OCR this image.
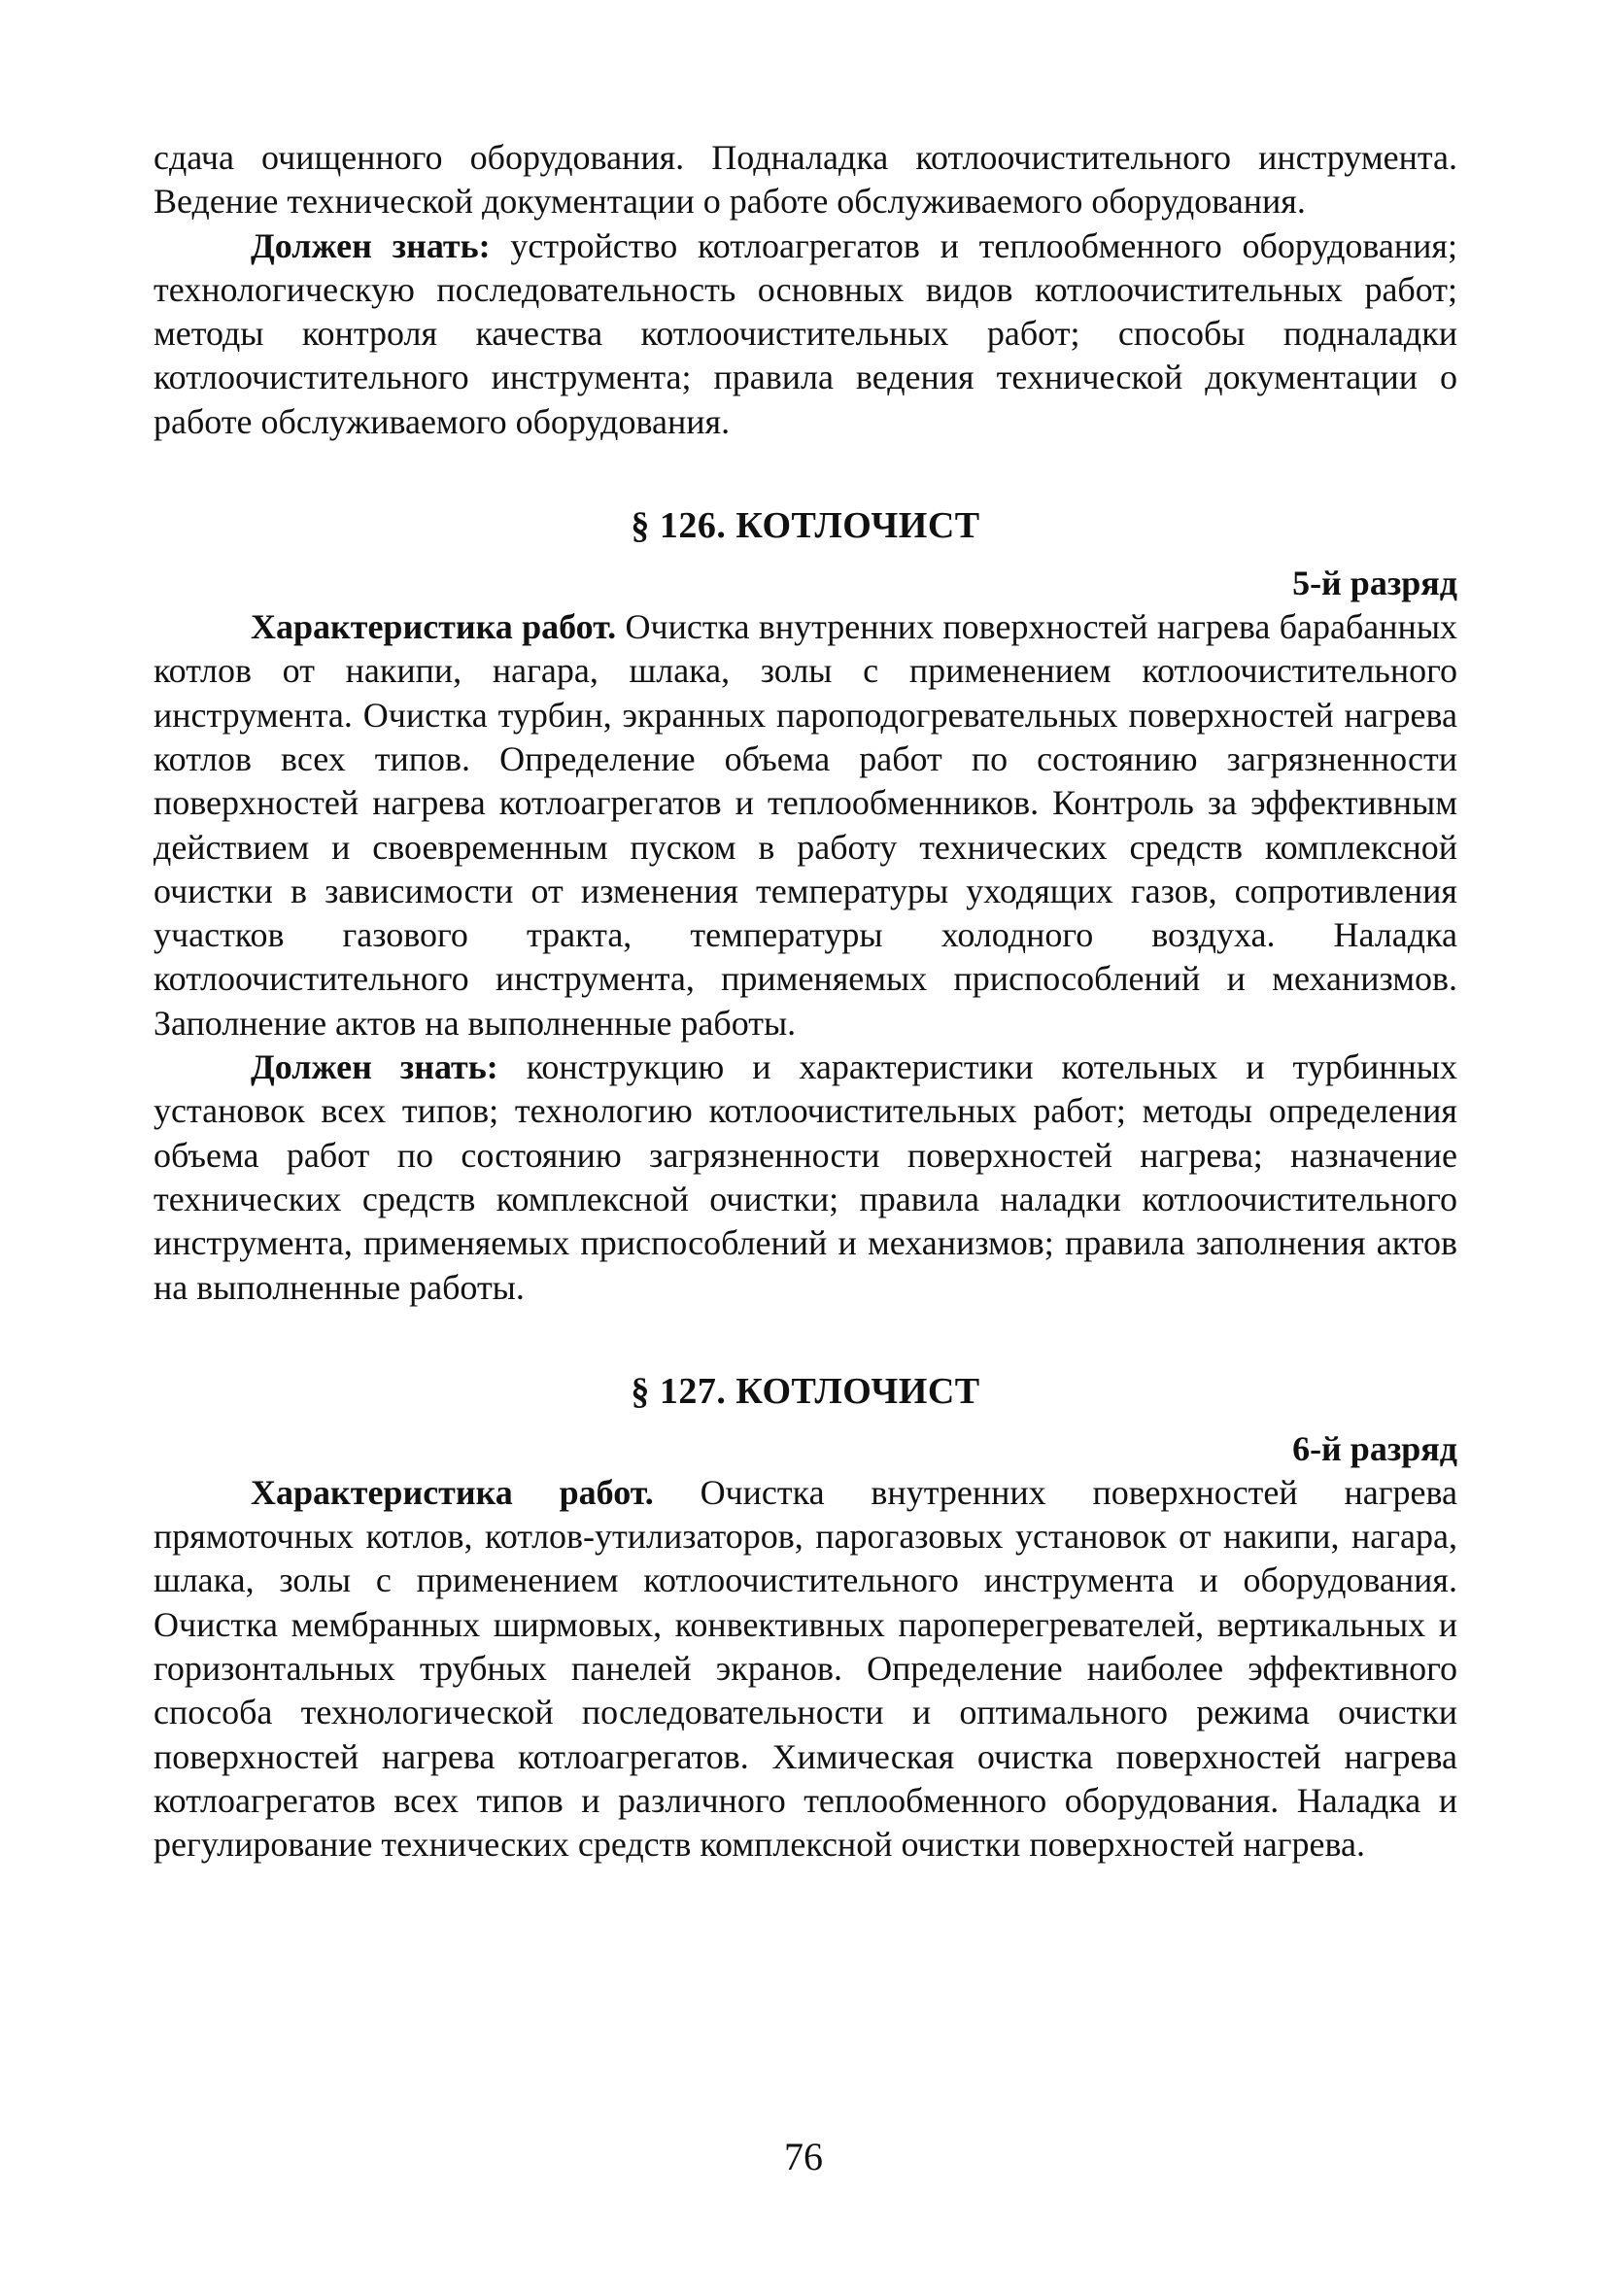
сдача очищенного оборудования. Подналадка котлоочистительного инструмента. Ведение технической документации о работе обслуживаемого оборудования.

Должен знать: устройство котлоагрегатов и теплообменного оборудования; технологическую последовательность основных видов котлоочистительных работ; методы контроля качества котлоочистительных работ; способы подналадки котлоочистительного инструмента; правила ведения технической документации о работе обслуживаемого оборудования.

§ 126. КОТЛОЧИСТ
5-й разряд

Характеристика работ. Очистка внутренних поверхностей нагрева барабанных котлов от накипи, нагара, шлака, золы с применением котлоочистительного инструмента. Очистка турбин, экранных пароподогревательных поверхностей нагрева котлов всех типов. Определение объема работ по состоянию загрязненности поверхностей нагрева котлоагрегатов и теплообменников. Контроль за эффективным действием и своевременным пуском в работу технических средств комплексной очистки в зависимости от изменения температуры уходящих газов, сопротивления участков газового тракта, температуры холодного воздуха. Наладка котлоочистительного инструмента, применяемых приспособлений и механизмов. Заполнение актов на выполненные работы.

Должен знать: конструкцию и характеристики котельных и турбинных установок всех типов; технологию котлоочистительных работ; методы определения объема работ по состоянию загрязненности поверхностей нагрева; назначение технических средств комплексной очистки; правила наладки котлоочистительного инструмента, применяемых приспособлений и механизмов; правила заполнения актов на выполненные работы.

§ 127. КОТЛОЧИСТ
6-й разряд

Характеристика работ. Очистка внутренних поверхностей нагрева прямоточных котлов, котлов-утилизаторов, парогазовых установок от накипи, нагара, шлака, золы с применением котлоочистительного инструмента и оборудования. Очистка мембранных ширмовых, конвективных пароперегревателей, вертикальных и горизонтальных трубных панелей экранов. Определение наиболее эффективного способа технологической последовательности и оптимального режима очистки поверхностей нагрева котлоагрегатов. Химическая очистка поверхностей нагрева котлоагрегатов всех типов и различного теплообменного оборудования. Наладка и регулирование технических средств комплексной очистки поверхностей нагрева.

76
